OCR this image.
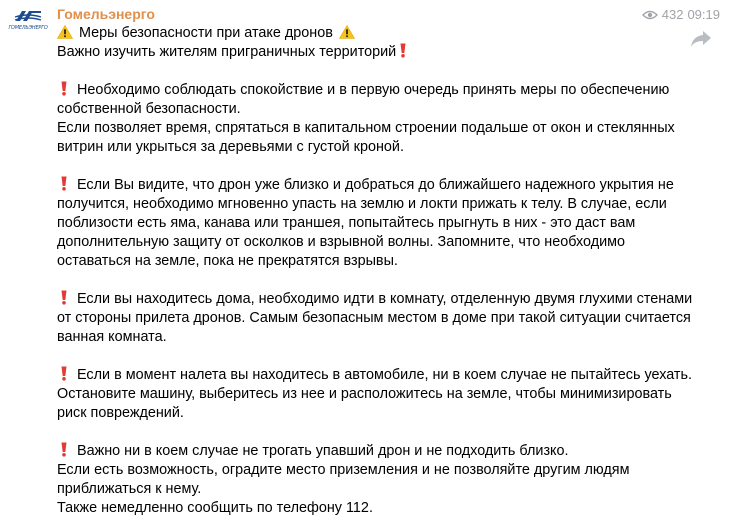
ГОМЕЛЬЭНЕРГО
Гомельэнерго	432 09:19
Меры безопасности при атаке дронов
Важно изучить жителям приграничных территорий
Необходимо соблюдать спокойствие и в первую очередь принять меры по обеспечению
собственной безопасности.
Если позволяет время, спрятаться в капитальном строении подальше от окон и стеклянных
витрин или укрыться за деревьями с густой кроной.
Если Вы видите, что дрон уже близко и добраться до ближайшего надежного укрытия не
получится, необходимо мгновенно упасть на землю и локти прижать к телу. В случае, если
поблизости есть яма, канава или траншея, попытайтесь прыгнуть в них - это даст вам
дополнительную защиту от осколков и взрывной волны. Запомните, что необходимо
оставаться на земле, пока не прекратятся взрывы.
Если вы находитесь дома, необходимо идти в комнату, отделенную двумя глухими стенами
от стороны прилета дронов. Самым безопасным местом в доме при такой ситуации считается
ванная комната.
Если в момент налета вы находитесь в автомобиле, ни в коем случае не пытайтесь уехать.
Остановите машину, выберитесь из нее и расположитесь на земле, чтобы минимизировать
риск повреждений.
Важно ни в коем случае не трогать упавший дрон и не подходить близко.
Если есть возможность, оградите место приземления и не позволяйте другим людям
приближаться к нему.
Также немедленно сообщить по телефону 112.
